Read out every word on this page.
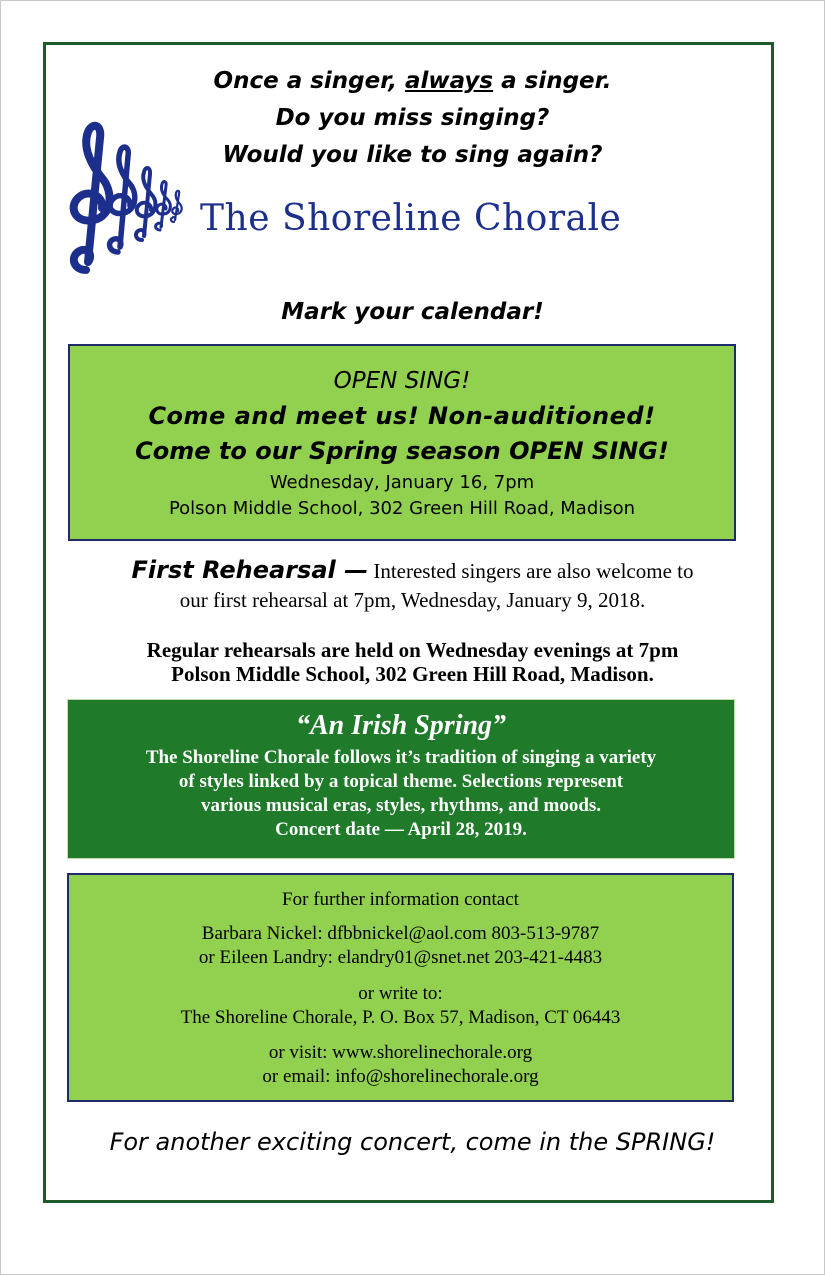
Once a singer, always a singer.
Do you miss singing?
Would you like to sing again?
The Shoreline Chorale
Mark your calendar!
OPEN SING!
Come and meet us! Non-auditioned!
Come to our Spring season OPEN SING!
Wednesday, January 16, 7pm
Polson Middle School, 302 Green Hill Road, Madison
First Rehearsal — Interested singers are also welcome to
our first rehearsal at 7pm, Wednesday, January 9, 2018.
Regular rehearsals are held on Wednesday evenings at 7pm
Polson Middle School, 302 Green Hill Road, Madison.
“An Irish Spring”
The Shoreline Chorale follows it’s tradition of singing a variety
of styles linked by a topical theme. Selections represent
various musical eras, styles, rhythms, and moods.
Concert date — April 28, 2019.
For further information contact
Barbara Nickel: dfbbnickel@aol.com 803-513-9787
or Eileen Landry: elandry01@snet.net 203-421-4483
or write to:
The Shoreline Chorale, P. O. Box 57, Madison, CT 06443
or visit: www.shorelinechorale.org
or email: info@shorelinechorale.org
For another exciting concert, come in the SPRING!
